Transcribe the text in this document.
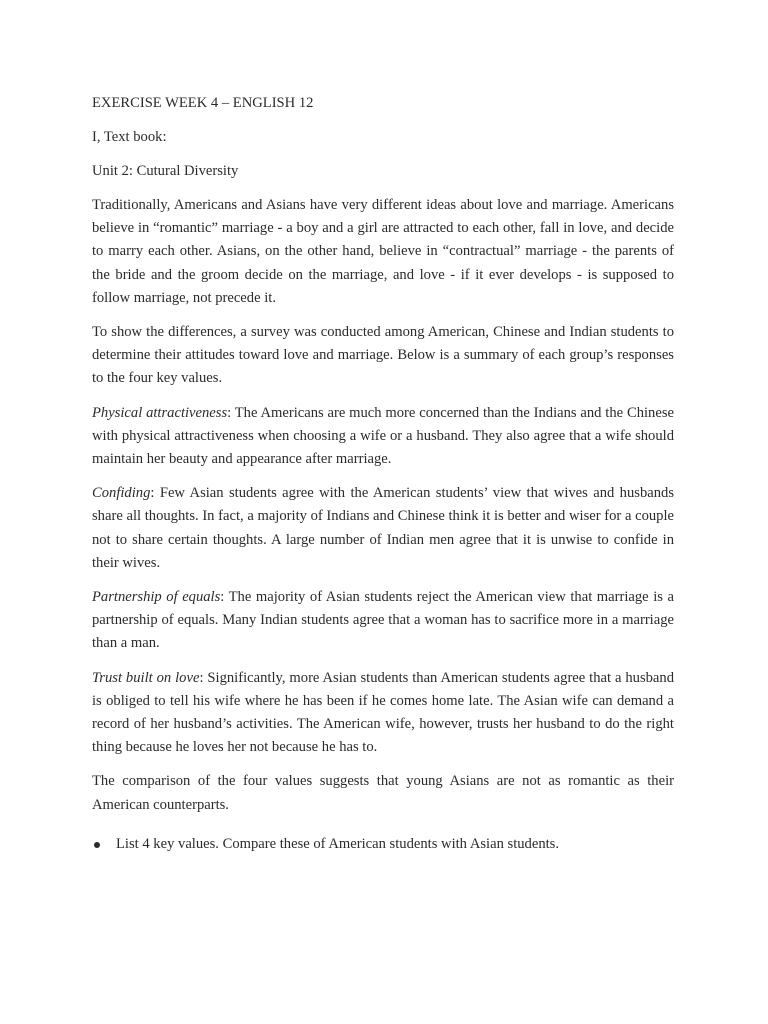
EXERCISE WEEK 4 – ENGLISH 12

I, Text book:

Unit 2: Cutural Diversity

Traditionally, Americans and Asians have very different ideas about love and marriage. Americans believe in “romantic” marriage - a boy and a girl are attracted to each other, fall in love, and decide to marry each other. Asians, on the other hand, believe in “contractual” marriage - the parents of the bride and the groom decide on the marriage, and love - if it ever develops - is supposed to follow marriage, not precede it.

To show the differences, a survey was conducted among American, Chinese and Indian students to determine their attitudes toward love and marriage. Below is a summary of each group’s responses to the four key values.

Physical attractiveness: The Americans are much more concerned than the Indians and the Chinese with physical attractiveness when choosing a wife or a husband. They also agree that a wife should maintain her beauty and appearance after marriage.

Confiding: Few Asian students agree with the American students’ view that wives and husbands share all thoughts. In fact, a majority of Indians and Chinese think it is better and wiser for a couple not to share certain thoughts. A large number of Indian men agree that it is unwise to confide in their wives.

Partnership of equals: The majority of Asian students reject the American view that marriage is a partnership of equals. Many Indian students agree that a woman has to sacrifice more in a marriage than a man.

Trust built on love: Significantly, more Asian students than American students agree that a husband is obliged to tell his wife where he has been if he comes home late. The Asian wife can demand a record of her husband’s activities. The American wife, however, trusts her husband to do the right thing because he loves her not because he has to.

The comparison of the four values suggests that young Asians are not as romantic as their American counterparts.

List 4 key values. Compare these of American students with Asian students.
